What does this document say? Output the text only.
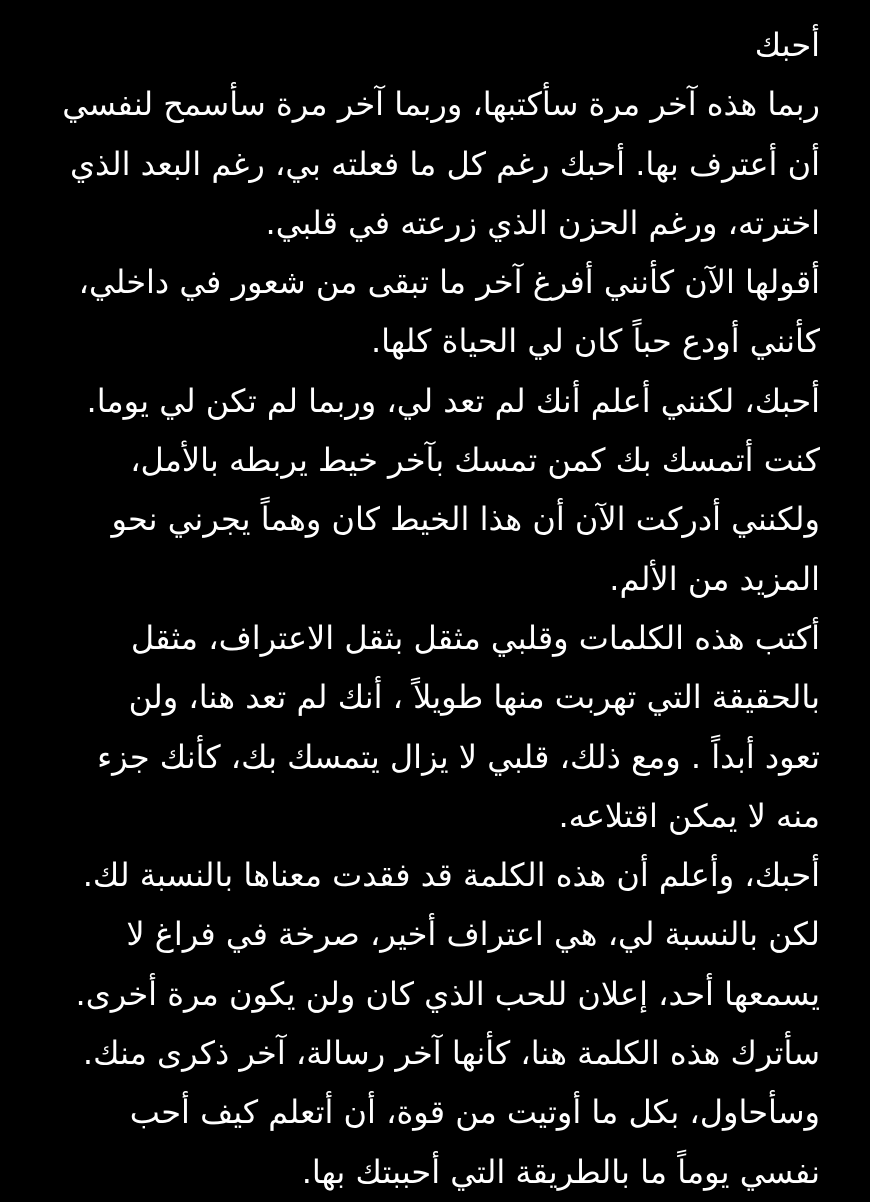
أحبك
ربما هذه آخر مرة سأكتبها، وربما آخر مرة سأسمح لنفسي
أن أعترف بها. أحبك رغم كل ما فعلته بي، رغم البعد الذي
اخترته، ورغم الحزن الذي زرعته في قلبي.
أقولها الآن كأنني أفرغ آخر ما تبقى من شعور في داخلي،
كأنني أودع حباً كان لي الحياة كلها.
أحبك، لكنني أعلم أنك لم تعد لي، وربما لم تكن لي يوما.
كنت أتمسك بك كمن تمسك بآخر خيط يربطه بالأمل،
ولكنني أدركت الآن أن هذا الخيط كان وهماً يجرني نحو
المزيد من الألم.
أكتب هذه الكلمات وقلبي مثقل بثقل الاعتراف، مثقل
بالحقيقة التي تهربت منها طويلاً ، أنك لم تعد هنا، ولن
تعود أبداً . ومع ذلك، قلبي لا يزال يتمسك بك، كأنك جزء
منه لا يمكن اقتلاعه.
أحبك، وأعلم أن هذه الكلمة قد فقدت معناها بالنسبة لك.
لكن بالنسبة لي، هي اعتراف أخير، صرخة في فراغ لا
يسمعها أحد، إعلان للحب الذي كان ولن يكون مرة أخرى.
سأترك هذه الكلمة هنا، كأنها آخر رسالة، آخر ذكرى منك.
وسأحاول، بكل ما أوتيت من قوة، أن أتعلم كيف أحب
نفسي يوماً ما بالطريقة التي أحببتك بها.
